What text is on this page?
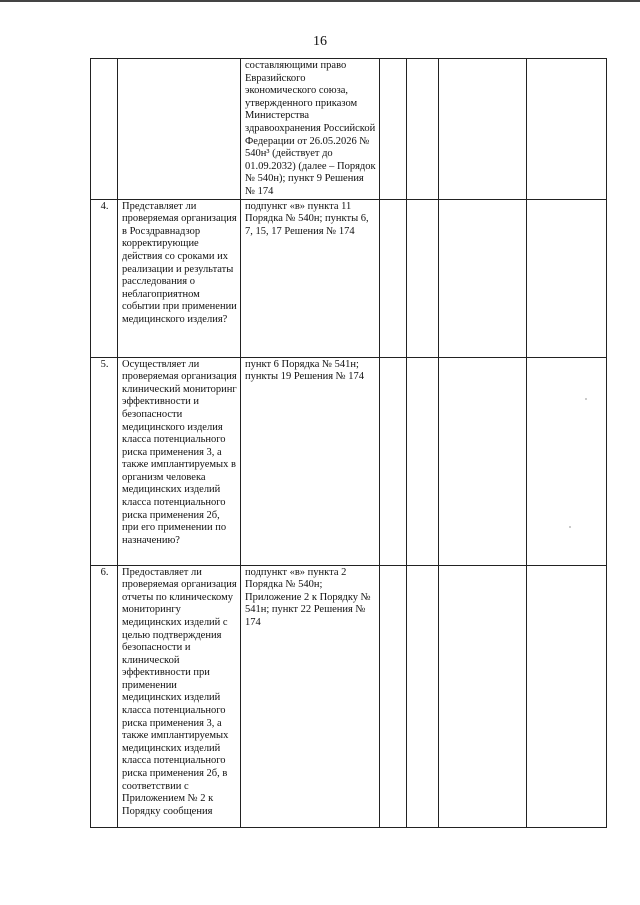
16
		составляющими право Евразийского экономического союза, утвержденного приказом Министерства здравоохранения Российской Федерации от 26.05.2026 № 540н³ (действует до 01.09.2032) (далее – Порядок № 540н); пункт 9 Решения № 174				
4.	Представляет ли проверяемая организация в Росздравнадзор корректирующие действия со сроками их реализации и результаты расследования о неблагоприятном событии при применении медицинского изделия?	подпункт «в» пункта 11 Порядка № 540н; пункты 6, 7, 15, 17 Решения № 174				
5.	Осуществляет ли проверяемая организация клинический мониторинг эффективности и безопасности медицинского изделия класса потенциального риска применения 3, а также имплантируемых в организм человека медицинских изделий класса потенциального риска применения 2б, при его применении по назначению?	пункт 6 Порядка № 541н; пункты 19 Решения № 174				
6.	Предоставляет ли проверяемая организация отчеты по клиническому мониторингу медицинских изделий с целью подтверждения безопасности и клинической эффективности при применении медицинских изделий класса потенциального риска применения 3, а также имплантируемых медицинских изделий класса потенциального риска применения 2б, в соответствии с Приложением № 2 к Порядку сообщения	подпункт «в» пункта 2 Порядка № 540н; Приложение 2 к Порядку № 541н; пункт 22 Решения № 174				
